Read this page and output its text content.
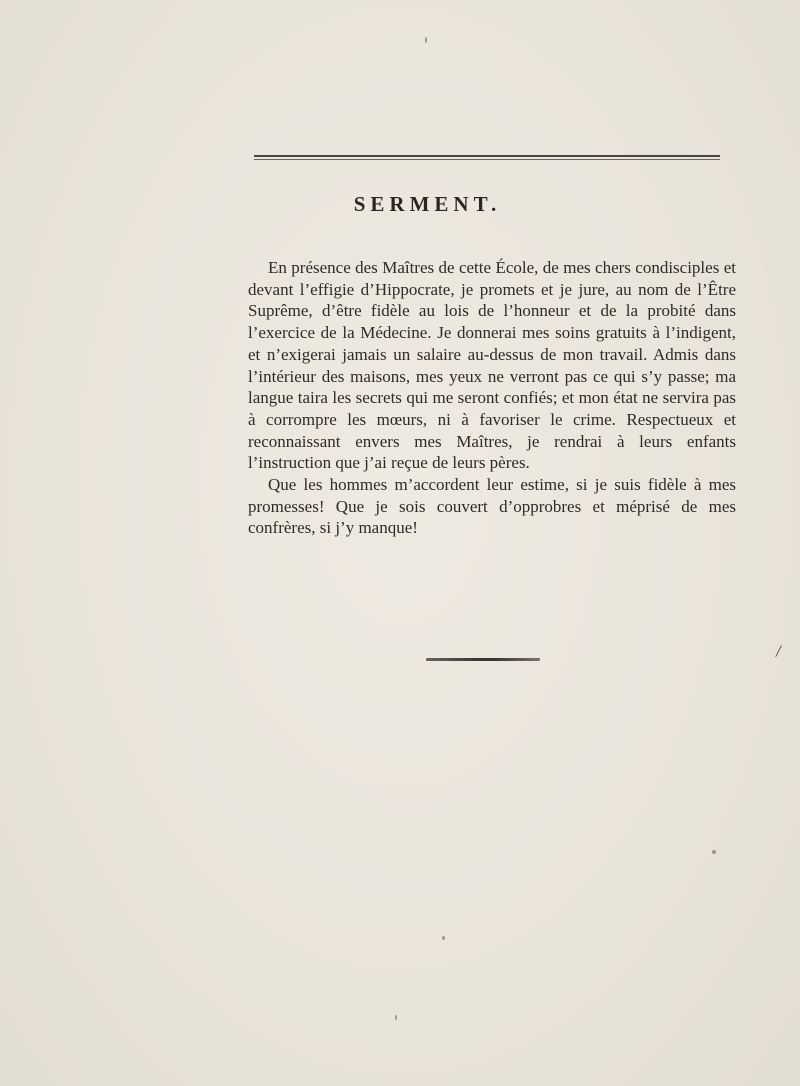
SERMENT.

En présence des Maîtres de cette École, de mes chers condisciples et devant l’effigie d’Hippocrate, je promets et je jure, au nom de l’Être Suprême, d’être fidèle au lois de l’honneur et de la probité dans l’exercice de la Médecine. Je donnerai mes soins gratuits à l’indigent, et n’exigerai jamais un salaire au-dessus de mon travail. Admis dans l’intérieur des maisons, mes yeux ne verront pas ce qui s’y passe; ma langue taira les secrets qui me seront confiés; et mon état ne servira pas à corrompre les mœurs, ni à favoriser le crime. Respectueux et reconnaissant envers mes Maîtres, je rendrai à leurs enfants l’instruction que j’ai reçue de leurs pères.

Que les hommes m’accordent leur estime, si je suis fidèle à mes promesses! Que je sois couvert d’opprobres et méprisé de mes confrères, si j’y manque!

/
